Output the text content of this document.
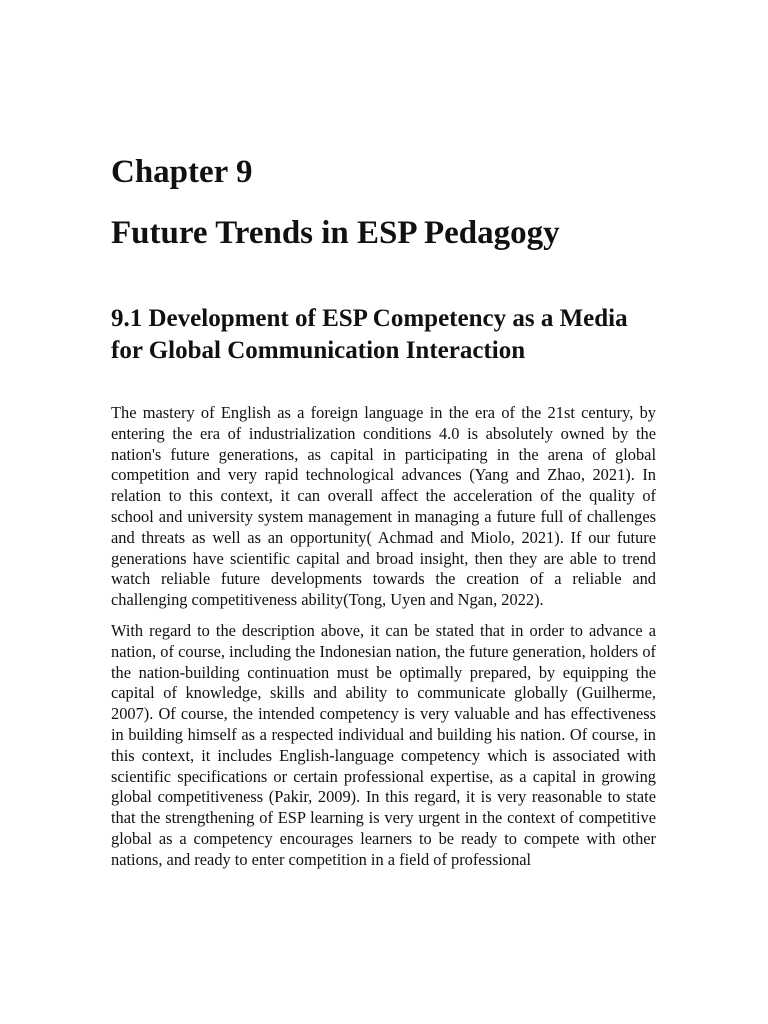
Chapter 9
Future Trends in ESP Pedagogy
9.1 Development of ESP Competency as a Media for Global Communication Interaction

The mastery of English as a foreign language in the era of the 21st century, by entering the era of industrialization conditions 4.0 is absolutely owned by the nation's future generations, as capital in participating in the arena of global competition and very rapid technological advances (Yang and Zhao, 2021). In relation to this context, it can overall affect the acceleration of the quality of school and university system management in managing a future full of challenges and threats as well as an opportunity( Achmad and Miolo, 2021). If our future generations have scientific capital and broad insight, then they are able to trend watch reliable future developments towards the creation of a reliable and challenging competitiveness ability(Tong, Uyen and Ngan, 2022).

With regard to the description above, it can be stated that in order to advance a nation, of course, including the Indonesian nation, the future generation, holders of the nation-building continuation must be optimally prepared, by equipping the capital of knowledge, skills and ability to communicate globally (Guilherme, 2007). Of course, the intended competency is very valuable and has effectiveness in building himself as a respected individual and building his nation. Of course, in this context, it includes English-language competency which is associated with scientific specifications or certain professional expertise, as a capital in growing global competitiveness (Pakir, 2009). In this regard, it is very reasonable to state that the strengthening of ESP learning is very urgent in the context of competitive global as a competency encourages learners to be ready to compete with other nations, and ready to enter competition in a field of professional
